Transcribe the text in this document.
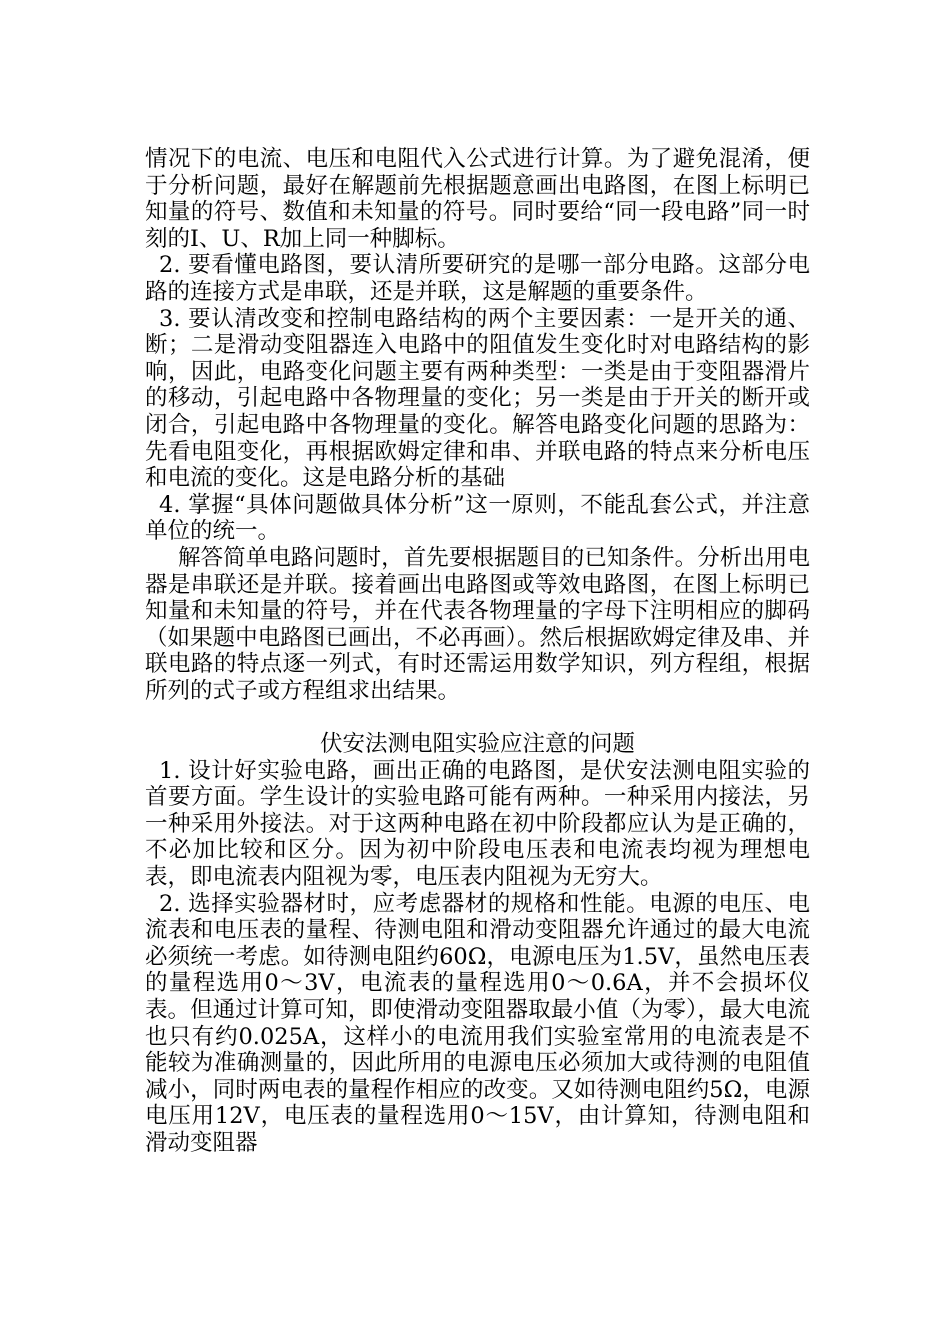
情况下的电流、电压和电阻代入公式进行计算。为了避免混淆，便于分析问题，最好在解题前先根据题意画出电路图，在图上标明已知量的符号、数值和未知量的符号。同时要给“同一段电路”同一时刻的I、U、R加上同一种脚标。

2. 要看懂电路图，要认清所要研究的是哪一部分电路。这部分电路的连接方式是串联，还是并联，这是解题的重要条件。

3. 要认清改变和控制电路结构的两个主要因素：一是开关的通、断；二是滑动变阻器连入电路中的阻值发生变化时对电路结构的影响，因此，电路变化问题主要有两种类型：一类是由于变阻器滑片的移动，引起电路中各物理量的变化；另一类是由于开关的断开或闭合，引起电路中各物理量的变化。解答电路变化问题的思路为：先看电阻变化，再根据欧姆定律和串、并联电路的特点来分析电压和电流的变化。这是电路分析的基础

4. 掌握“具体问题做具体分析”这一原则，不能乱套公式，并注意单位的统一。

解答简单电路问题时，首先要根据题目的已知条件。分析出用电器是串联还是并联。接着画出电路图或等效电路图，在图上标明已知量和未知量的符号，并在代表各物理量的字母下注明相应的脚码（如果题中电路图已画出，不必再画）。然后根据欧姆定律及串、并联电路的特点逐一列式，有时还需运用数学知识，列方程组，根据所列的式子或方程组求出结果。

伏安法测电阻实验应注意的问题

1. 设计好实验电路，画出正确的电路图，是伏安法测电阻实验的首要方面。学生设计的实验电路可能有两种。一种采用内接法，另一种采用外接法。对于这两种电路在初中阶段都应认为是正确的，不必加比较和区分。因为初中阶段电压表和电流表均视为理想电表，即电流表内阻视为零，电压表内阻视为无穷大。

2. 选择实验器材时，应考虑器材的规格和性能。电源的电压、电流表和电压表的量程、待测电阻和滑动变阻器允许通过的最大电流必须统一考虑。如待测电阻约60Ω，电源电压为1.5V，虽然电压表的量程选用0～3V，电流表的量程选用0～0.6A，并不会损坏仪表。但通过计算可知，即使滑动变阻器取最小值（为零），最大电流也只有约0.025A，这样小的电流用我们实验室常用的电流表是不能较为准确测量的，因此所用的电源电压必须加大或待测的电阻值减小，同时两电表的量程作相应的改变。又如待测电阻约5Ω，电源电压用12V，电压表的量程选用0～15V，由计算知，待测电阻和滑动变阻器
